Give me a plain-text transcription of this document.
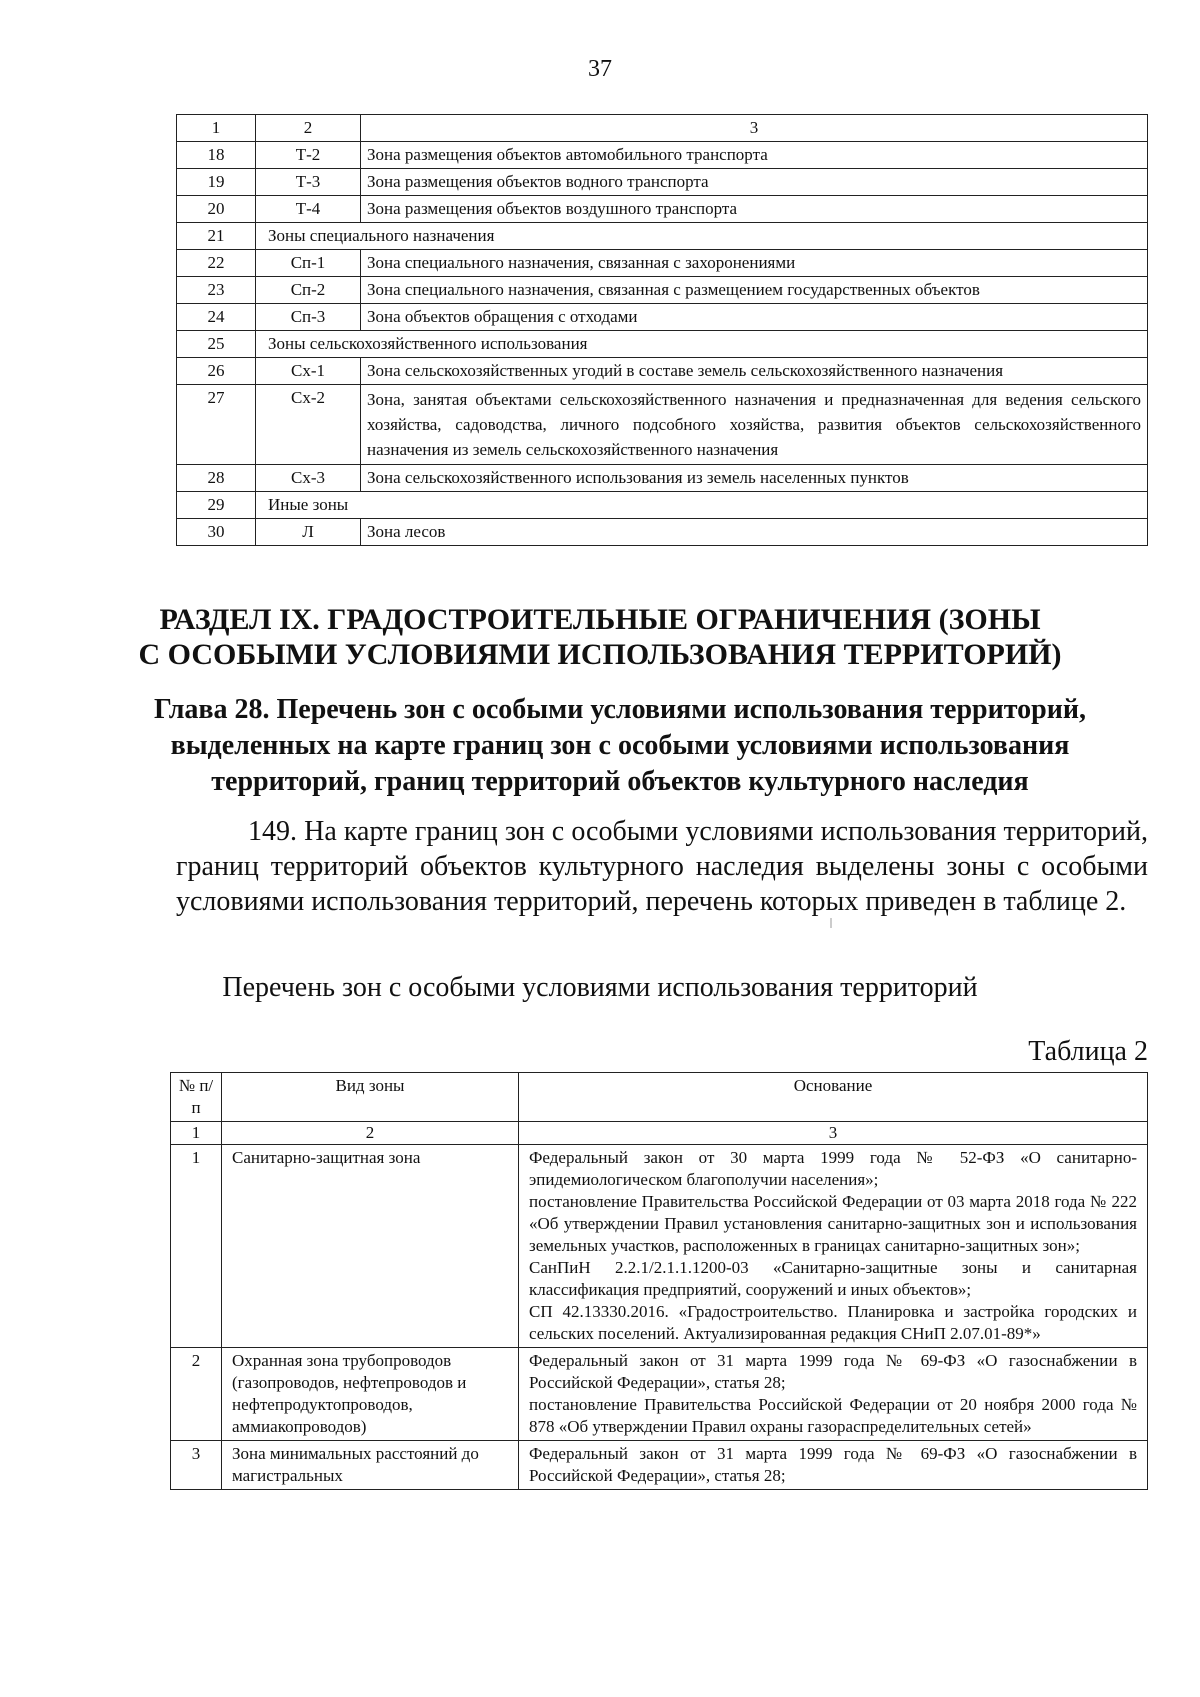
37
1	2	3
18	Т-2	Зона размещения объектов автомобильного транспорта
19	Т-3	Зона размещения объектов водного транспорта
20	Т-4	Зона размещения объектов воздушного транспорта
21	Зоны специального назначения	
22	Сп-1	Зона специального назначения, связанная с захоронениями
23	Сп-2	Зона специального назначения, связанная с размещением государственных объектов
24	Сп-3	Зона объектов обращения с отходами
25	Зоны сельскохозяйственного использования	
26	Сх-1	Зона сельскохозяйственных угодий в составе земель сельскохозяйственного назначения
27	Сх-2	Зона, занятая объектами сельскохозяйственного назначения и предназначенная для ведения сельского хозяйства, садоводства, личного подсобного хозяйства, развития объектов сельскохозяйственного назначения из земель сельскохозяйственного назначения
28	Сх-3	Зона сельскохозяйственного использования из земель населенных пунктов
29	Иные зоны	
30	Л	Зона лесов
РАЗДЕЛ IX. ГРАДОСТРОИТЕЛЬНЫЕ ОГРАНИЧЕНИЯ (ЗОНЫ
С ОСОБЫМИ УСЛОВИЯМИ ИСПОЛЬЗОВАНИЯ ТЕРРИТОРИЙ)
Глава 28. Перечень зон с особыми условиями использования территорий,
выделенных на карте границ зон с особыми условиями использования
территорий, границ территорий объектов культурного наследия
149. На карте границ зон с особыми условиями использования территорий, границ территорий объектов культурного наследия выделены зоны с особыми условиями использования территорий, перечень которых приведен в таблице 2.
Перечень зон с особыми условиями использования территорий
Таблица 2
№ п/п	Вид зоны	Основание
1	2	3
1	Санитарно-защитная зона	Федеральный закон от 30 марта 1999 года № 52-ФЗ «О санитарно-эпидемиологическом благополучии населения»;
постановление Правительства Российской Федерации от 03 марта 2018 года № 222 «Об утверждении Правил установления санитарно-защитных зон и использования земельных участков, расположенных в границах санитарно-защитных зон»;
СанПиН 2.2.1/2.1.1.1200-03 «Санитарно-защитные зоны и санитарная классификация предприятий, сооружений и иных объектов»;
СП 42.13330.2016. «Градостроительство. Планировка и застройка городских и сельских поселений. Актуализированная редакция СНиП 2.07.01-89*»

2	Охранная зона трубопроводов (газопроводов, нефтепроводов и нефтепродуктопроводов, аммиакопроводов)	Федеральный закон от 31 марта 1999 года № 69-ФЗ «О газоснабжении в Российской Федерации», статья 28;
постановление Правительства Российской Федерации от 20 ноября 2000 года № 878 «Об утверждении Правил охраны газораспределительных сетей»

3	Зона минимальных расстояний до магистральных	Федеральный закон от 31 марта 1999 года № 69-ФЗ «О газоснабжении в Российской Федерации», статья 28;
